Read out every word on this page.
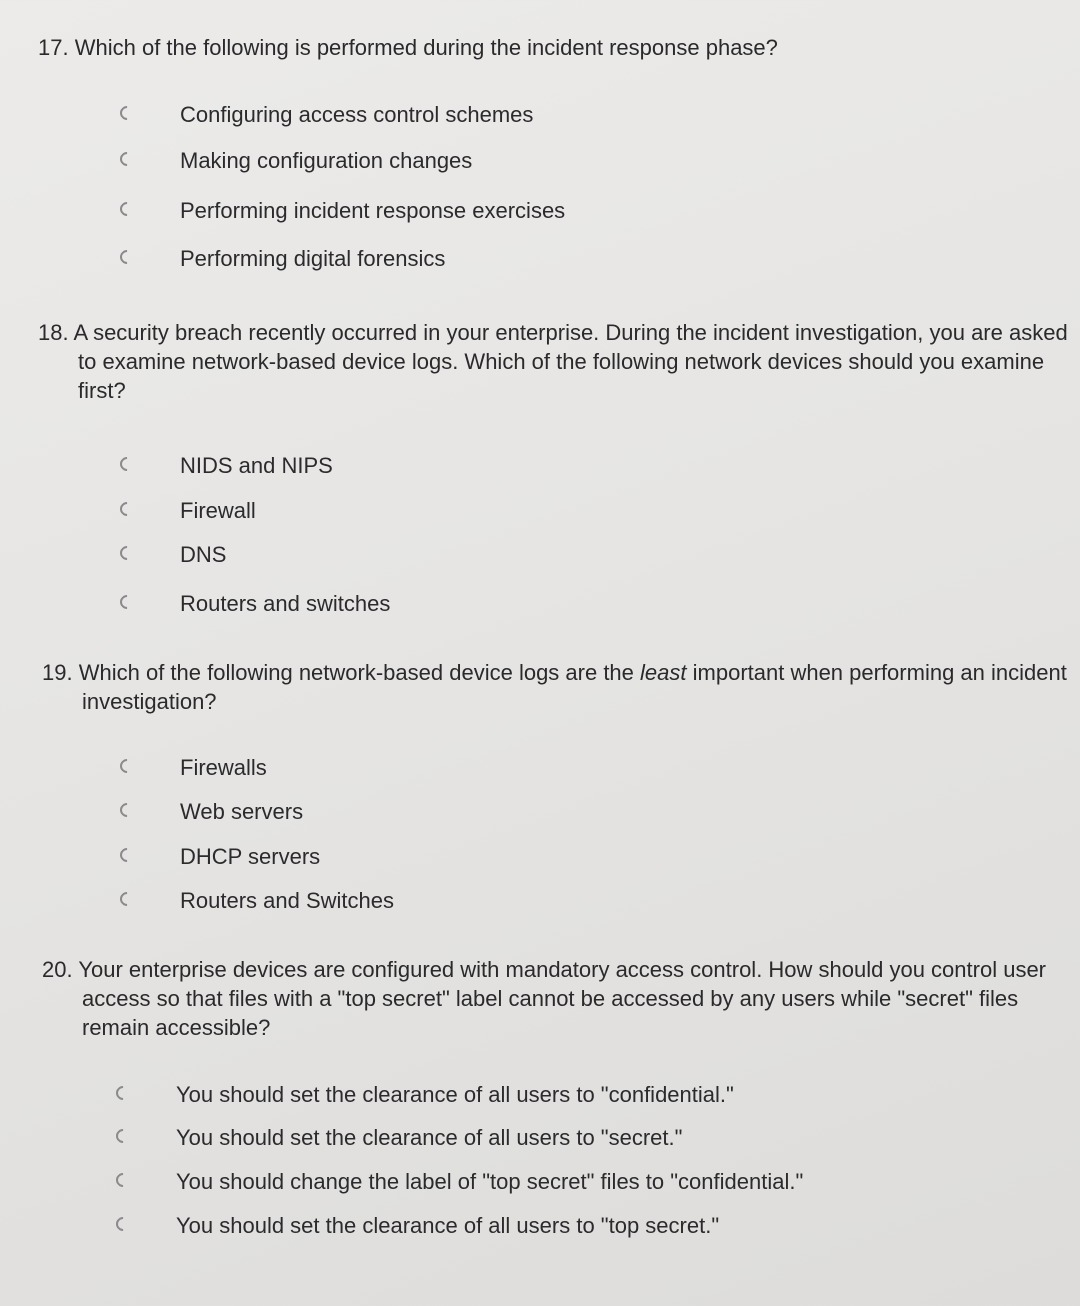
17. Which of the following is performed during the incident response phase?

Configuring access control schemes
Making configuration changes
Performing incident response exercises
Performing digital forensics

18. A security breach recently occurred in your enterprise. During the incident investigation, you are asked to examine network-based device logs. Which of the following network devices should you examine first?

NIDS and NIPS
Firewall
DNS
Routers and switches

19. Which of the following network-based device logs are the least important when performing an incident investigation?

Firewalls
Web servers
DHCP servers
Routers and Switches

20. Your enterprise devices are configured with mandatory access control. How should you control user access so that files with a "top secret" label cannot be accessed by any users while "secret" files remain accessible?

You should set the clearance of all users to "confidential."
You should set the clearance of all users to "secret."
You should change the label of "top secret" files to "confidential."
You should set the clearance of all users to "top secret."
